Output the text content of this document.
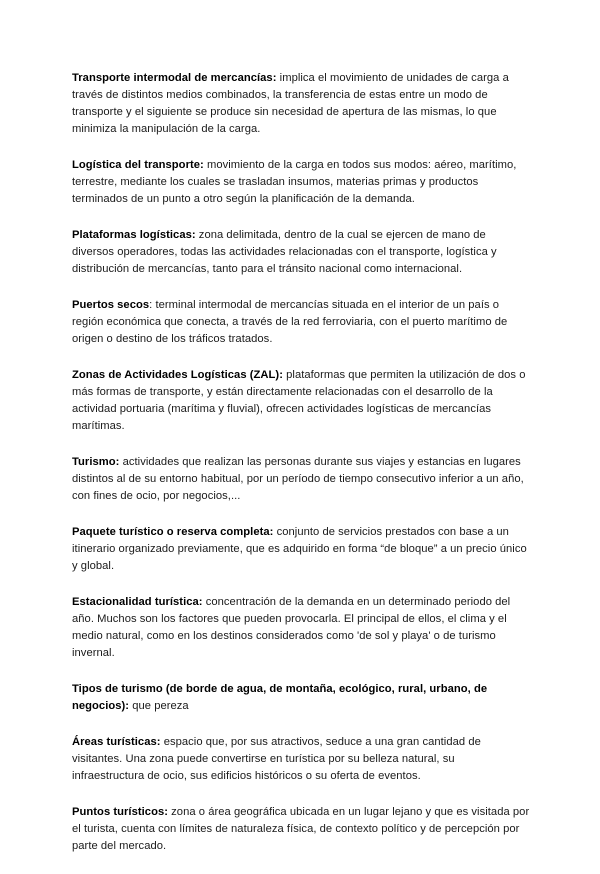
Transporte intermodal de mercancías: implica el movimiento de unidades de carga a través de distintos medios combinados, la transferencia de estas entre un modo de transporte y el siguiente se produce sin necesidad de apertura de las mismas, lo que minimiza la manipulación de la carga.

Logística del transporte: movimiento de la carga en todos sus modos: aéreo, marítimo, terrestre, mediante los cuales se trasladan insumos, materias primas y productos terminados de un punto a otro según la planificación de la demanda.

Plataformas logísticas: zona delimitada, dentro de la cual se ejercen de mano de diversos operadores, todas las actividades relacionadas con el transporte, logística y distribución de mercancías, tanto para el tránsito nacional como internacional.

Puertos secos: terminal intermodal de mercancías situada en el interior de un país o región económica que conecta, a través de la red ferroviaria, con el puerto marítimo de origen o destino de los tráficos tratados.

Zonas de Actividades Logísticas (ZAL): plataformas que permiten la utilización de dos o más formas de transporte, y están directamente relacionadas con el desarrollo de la actividad portuaria (marítima y fluvial), ofrecen actividades logísticas de mercancías marítimas.

Turismo: actividades que realizan las personas durante sus viajes y estancias en lugares distintos al de su entorno habitual, por un período de tiempo consecutivo inferior a un año, con fines de ocio, por negocios,...

Paquete turístico o reserva completa: conjunto de servicios prestados con base a un itinerario organizado previamente, que es adquirido en forma “de bloque” a un precio único y global.

Estacionalidad turística: concentración de la demanda en un determinado periodo del año. Muchos son los factores que pueden provocarla. El principal de ellos, el clima y el medio natural, como en los destinos considerados como 'de sol y playa' o de turismo invernal.

Tipos de turismo (de borde de agua, de montaña, ecológico, rural, urbano, de negocios): que pereza

Áreas turísticas: espacio que, por sus atractivos, seduce a una gran cantidad de visitantes. Una zona puede convertirse en turística por su belleza natural, su infraestructura de ocio, sus edificios históricos o su oferta de eventos.

Puntos turísticos: zona o área geográfica ubicada en un lugar lejano y que es visitada por el turista, cuenta con límites de naturaleza física, de contexto político y de percepción por parte del mercado.
